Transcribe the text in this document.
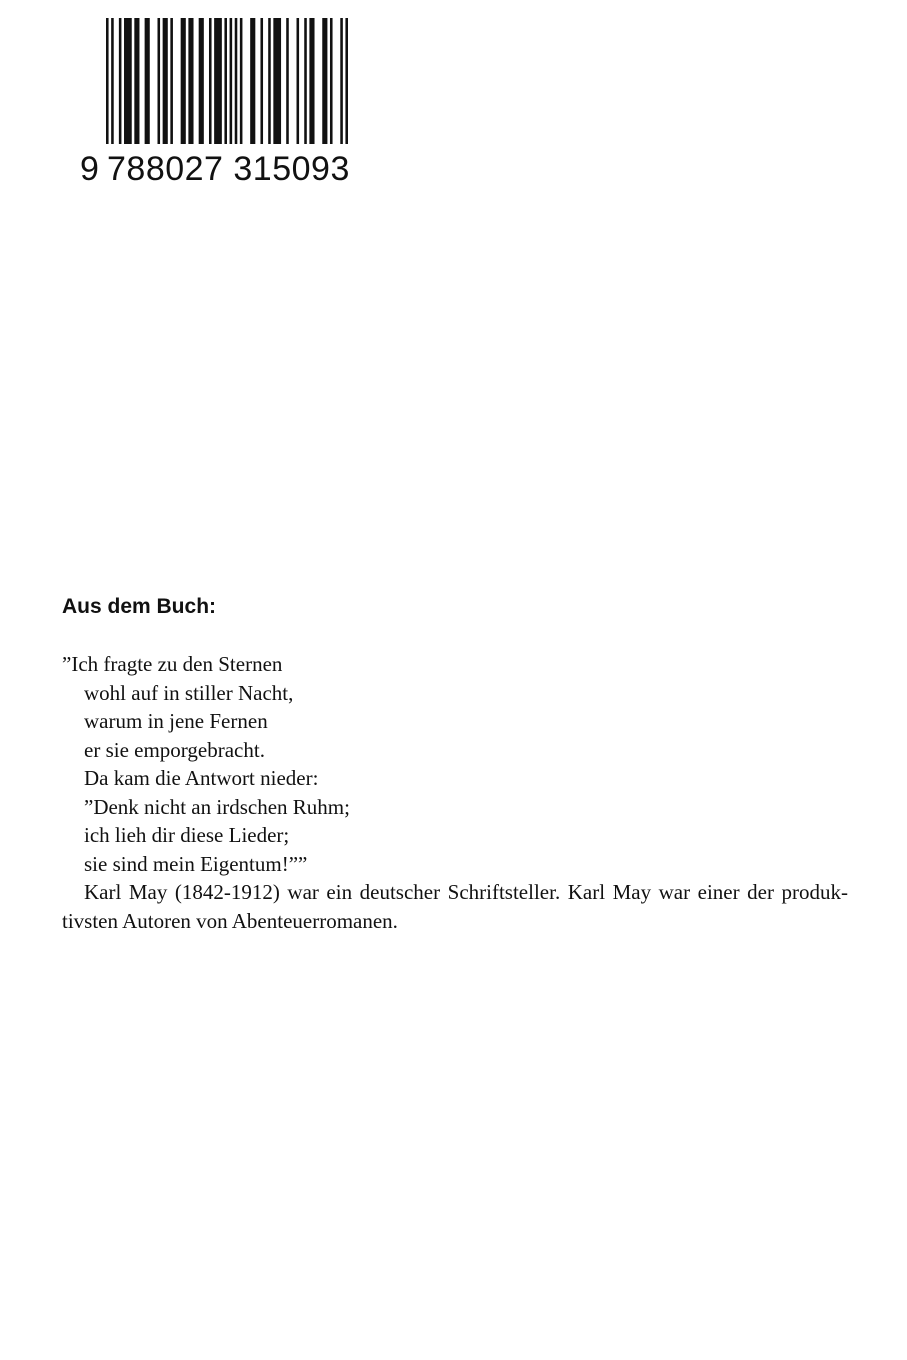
9 788027 315093
Aus dem Buch:
”Ich fragte zu den Sternen
wohl auf in stiller Nacht,
warum in jene Fernen
er sie emporgebracht.
Da kam die Antwort nieder:
”Denk nicht an irdschen Ruhm;
ich lieh dir diese Lieder;
sie sind mein Eigentum!””
Karl May (1842-1912) war ein deutscher Schriftsteller. Karl May war einer der produk-tivsten Autoren von Abenteuerromanen.
